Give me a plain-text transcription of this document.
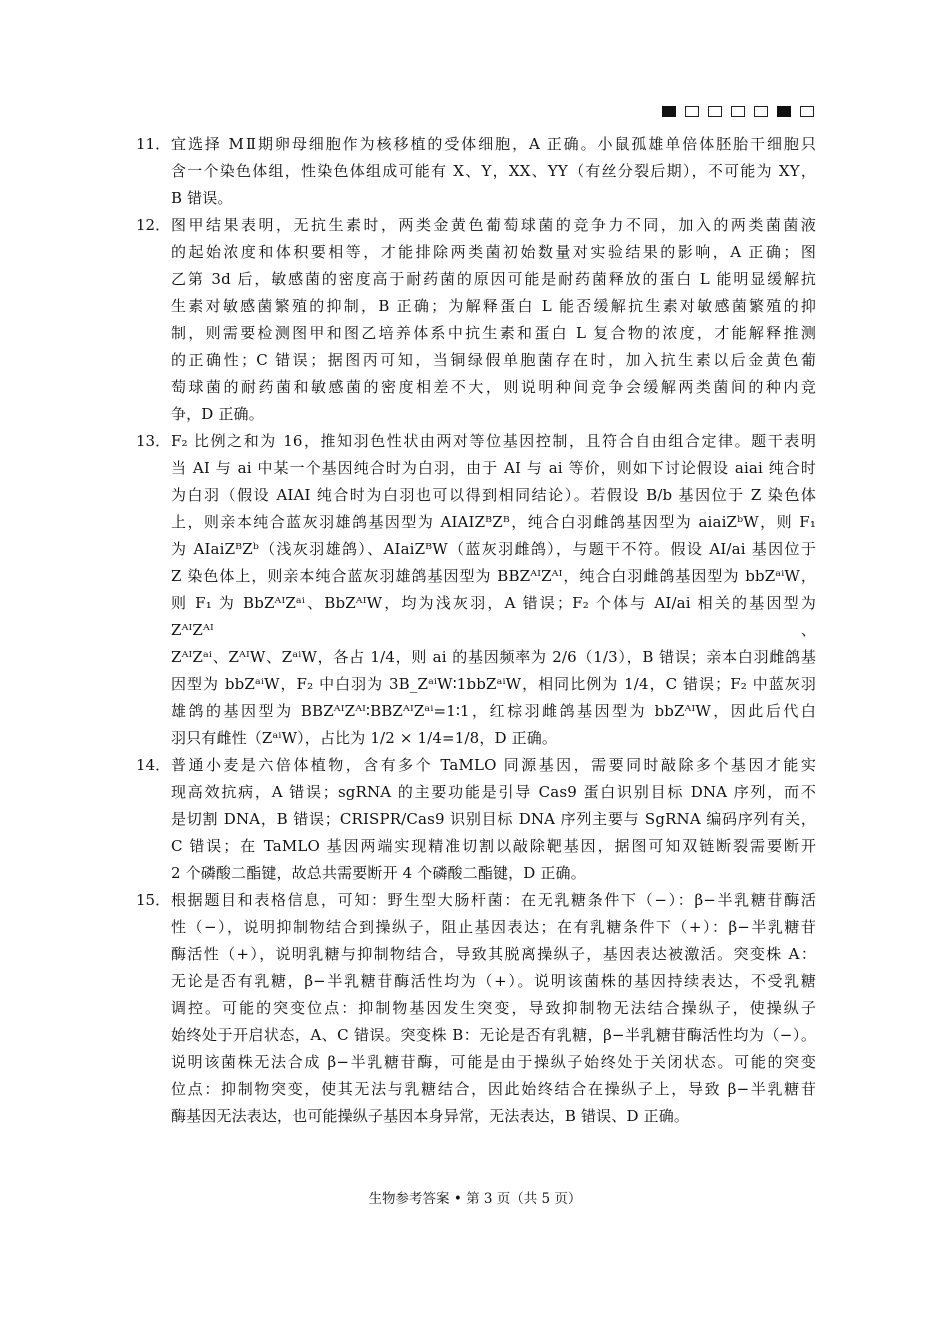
11． 宜选择 MⅡ期卵母细胞作为核移植的受体细胞，A 正确。小鼠孤雄单倍体胚胎干细胞只
含一个染色体组，性染色体组成可能有 X、Y，XX、YY（有丝分裂后期），不可能为 XY，
B 错误。
12． 图甲结果表明，无抗生素时，两类金黄色葡萄球菌的竞争力不同，加入的两类菌菌液
的起始浓度和体积要相等，才能排除两类菌初始数量对实验结果的影响，A 正确；图
乙第 3d 后，敏感菌的密度高于耐药菌的原因可能是耐药菌释放的蛋白 L 能明显缓解抗
生素对敏感菌繁殖的抑制，B 正确；为解释蛋白 L 能否缓解抗生素对敏感菌繁殖的抑
制，则需要检测图甲和图乙培养体系中抗生素和蛋白 L 复合物的浓度，才能解释推测
的正确性；C 错误；据图丙可知，当铜绿假单胞菌存在时，加入抗生素以后金黄色葡
萄球菌的耐药菌和敏感菌的密度相差不大，则说明种间竞争会缓解两类菌间的种内竞
争，D 正确。
13． F₂ 比例之和为 16，推知羽色性状由两对等位基因控制，且符合自由组合定律。题干表明
当 AI 与 ai 中某一个基因纯合时为白羽，由于 AI 与 ai 等价，则如下讨论假设 aiai 纯合时
为白羽（假设 AIAI 纯合时为白羽也可以得到相同结论）。若假设 B/b 基因位于 Z 染色体
上，则亲本纯合蓝灰羽雄鸽基因型为 AIAIZᴮZᴮ，纯合白羽雌鸽基因型为 aiaiZᵇW，则 F₁
为 AIaiZᴮZᵇ（浅灰羽雄鸽）、AIaiZᴮW（蓝灰羽雌鸽），与题干不符。假设 AI/ai 基因位于
Z 染色体上，则亲本纯合蓝灰羽雄鸽基因型为 BBZᴬᴵZᴬᴵ，纯合白羽雌鸽基因型为 bbZᵃⁱW，
则 F₁ 为 BbZᴬᴵZᵃⁱ、BbZᴬᴵW，均为浅灰羽，A 错误；F₂ 个体与 AI/ai 相关的基因型为 ZᴬᴵZᴬᴵ、
ZᴬᴵZᵃⁱ、ZᴬᴵW、ZᵃⁱW，各占 1/4，则 ai 的基因频率为 2/6（1/3），B 错误；亲本白羽雌鸽基
因型为 bbZᵃⁱW，F₂ 中白羽为 3B_ZᵃⁱW∶1bbZᵃⁱW，相同比例为 1/4，C 错误；F₂ 中蓝灰羽
雄鸽的基因型为 BBZᴬᴵZᴬᴵ∶BBZᴬᴵZᵃⁱ=1∶1，红棕羽雌鸽基因型为 bbZᴬᴵW，因此后代白
羽只有雌性（ZᵃⁱW），占比为 1/2 × 1/4=1/8，D 正确。
14． 普通小麦是六倍体植物，含有多个 TaMLO 同源基因，需要同时敲除多个基因才能实
现高效抗病，A 错误；sgRNA 的主要功能是引导 Cas9 蛋白识别目标 DNA 序列，而不
是切割 DNA，B 错误；CRISPR/Cas9 识别目标 DNA 序列主要与 SgRNA 编码序列有关，
C 错误；在 TaMLO 基因两端实现精准切割以敲除靶基因，据图可知双链断裂需要断开
2 个磷酸二酯键，故总共需要断开 4 个磷酸二酯键，D 正确。
15． 根据题目和表格信息，可知：野生型大肠杆菌：在无乳糖条件下（−）：β−半乳糖苷酶活
性（−），说明抑制物结合到操纵子，阻止基因表达；在有乳糖条件下（+）：β−半乳糖苷
酶活性（+），说明乳糖与抑制物结合，导致其脱离操纵子，基因表达被激活。突变株 A：
无论是否有乳糖，β−半乳糖苷酶活性均为（+）。说明该菌株的基因持续表达，不受乳糖
调控。可能的突变位点：抑制物基因发生突变，导致抑制物无法结合操纵子，使操纵子
始终处于开启状态，A、C 错误。突变株 B：无论是否有乳糖，β−半乳糖苷酶活性均为（−）。
说明该菌株无法合成 β−半乳糖苷酶，可能是由于操纵子始终处于关闭状态。可能的突变
位点：抑制物突变，使其无法与乳糖结合，因此始终结合在操纵子上，导致 β−半乳糖苷
酶基因无法表达，也可能操纵子基因本身异常，无法表达，B 错误、D 正确。
生物参考答案 • 第 3 页（共 5 页）
